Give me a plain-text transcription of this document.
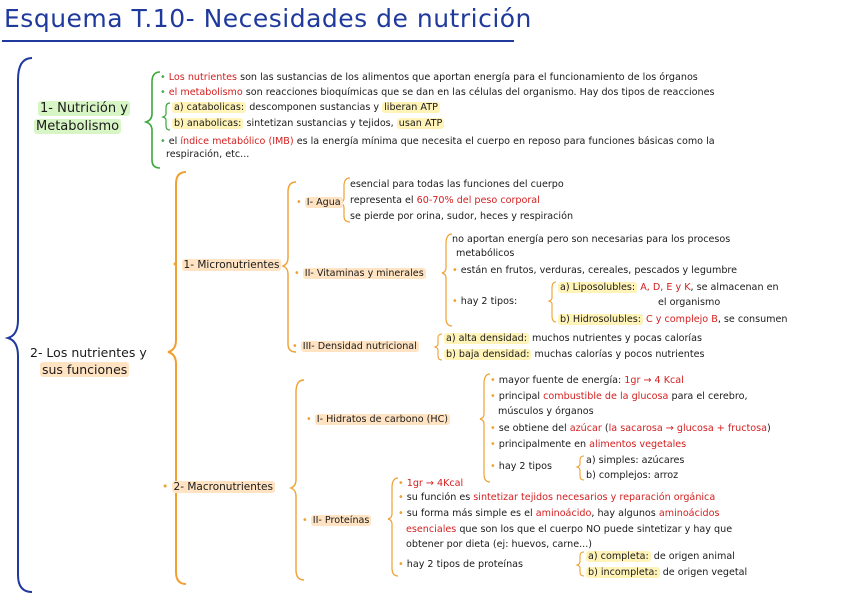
Esquema T.10- Necesidades de nutrición
1- Nutrición y
Metabolismo
• Los nutrientes son las sustancias de los alimentos que aportan energía para el funcionamiento de los órganos
• el metabolismo son reacciones bioquímicas que se dan en las células del organismo. Hay dos tipos de reacciones
a) catabolicas: descomponen sustancias y liberan ATP
b) anabolicas: sintetizan sustancias y tejidos, usan ATP
• el índice metabólico (IMB) es la energía mínima que necesita el cuerpo en reposo para funciones básicas como la
respiración, etc...
2- Los nutrientes y
sus funciones
• 1- Micronutrientes
• I- Agua
esencial para todas las funciones del cuerpo
representa el 60-70% del peso corporal
se pierde por orina, sudor, heces y respiración
• II- Vitaminas y minerales
no aportan energía pero son necesarias para los procesos
metabólicos
• están en frutos, verduras, cereales, pescados y legumbre
• hay 2 tipos:
a) Liposolubles: A, D, E y K, se almacenan en
el organismo
b) Hidrosolubles: C y complejo B, se consumen
• III- Densidad nutricional
a) alta densidad: muchos nutrientes y pocas calorías
b) baja densidad: muchas calorías y pocos nutrientes
• 2- Macronutrientes
• I- Hidratos de carbono (HC)
• mayor fuente de energía: 1gr → 4 Kcal
• principal combustible de la glucosa para el cerebro,
músculos y órganos
• se obtiene del azúcar (la sacarosa → glucosa + fructosa)
• principalmente en alimentos vegetales
• hay 2 tipos
a) simples: azúcares
b) complejos: arroz
• II- Proteínas
• 1gr → 4Kcal
• su función es sintetizar tejidos necesarios y reparación orgánica
• su forma más simple es el aminoácido, hay algunos aminoácidos
esenciales que son los que el cuerpo NO puede sintetizar y hay que
obtener por dieta (ej: huevos, carne...)
• hay 2 tipos de proteínas
a) completa: de origen animal
b) incompleta: de origen vegetal
